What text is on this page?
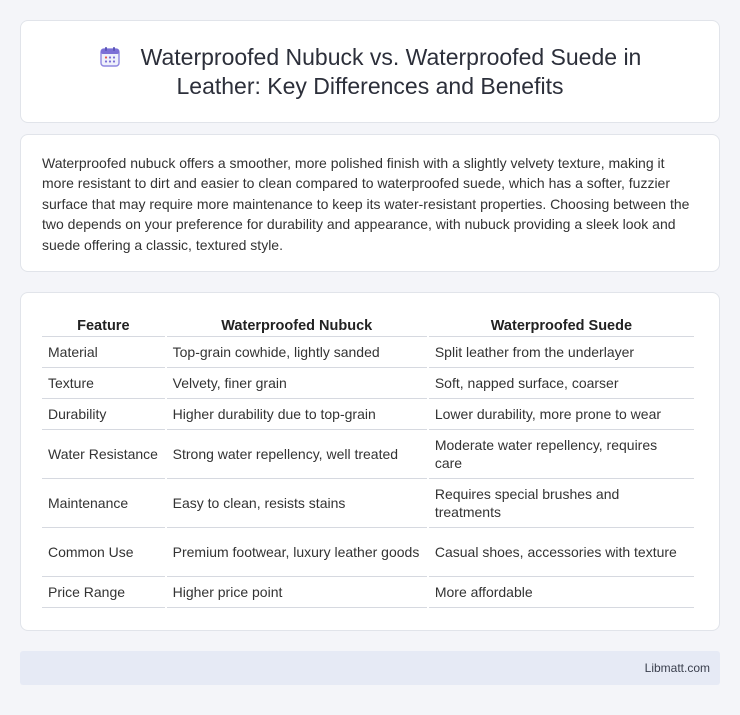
Waterproofed Nubuck vs. Waterproofed Suede in Leather: Key Differences and Benefits

Waterproofed nubuck offers a smoother, more polished finish with a slightly velvety texture, making it more resistant to dirt and easier to clean compared to waterproofed suede, which has a softer, fuzzier surface that may require more maintenance to keep its water-resistant properties. Choosing between the two depends on your preference for durability and appearance, with nubuck providing a sleek look and suede offering a classic, textured style.

Feature	Waterproofed Nubuck	Waterproofed Suede
Material	Top-grain cowhide, lightly sanded	Split leather from the underlayer
Texture	Velvety, finer grain	Soft, napped surface, coarser
Durability	Higher durability due to top-grain	Lower durability, more prone to wear
Water Resistance	Strong water repellency, well treated	Moderate water repellency, requires care
Maintenance	Easy to clean, resists stains	Requires special brushes and treatments
Common Use	Premium footwear, luxury leather goods	Casual shoes, accessories with texture
Price Range	Higher price point	More affordable
Libmatt.com
